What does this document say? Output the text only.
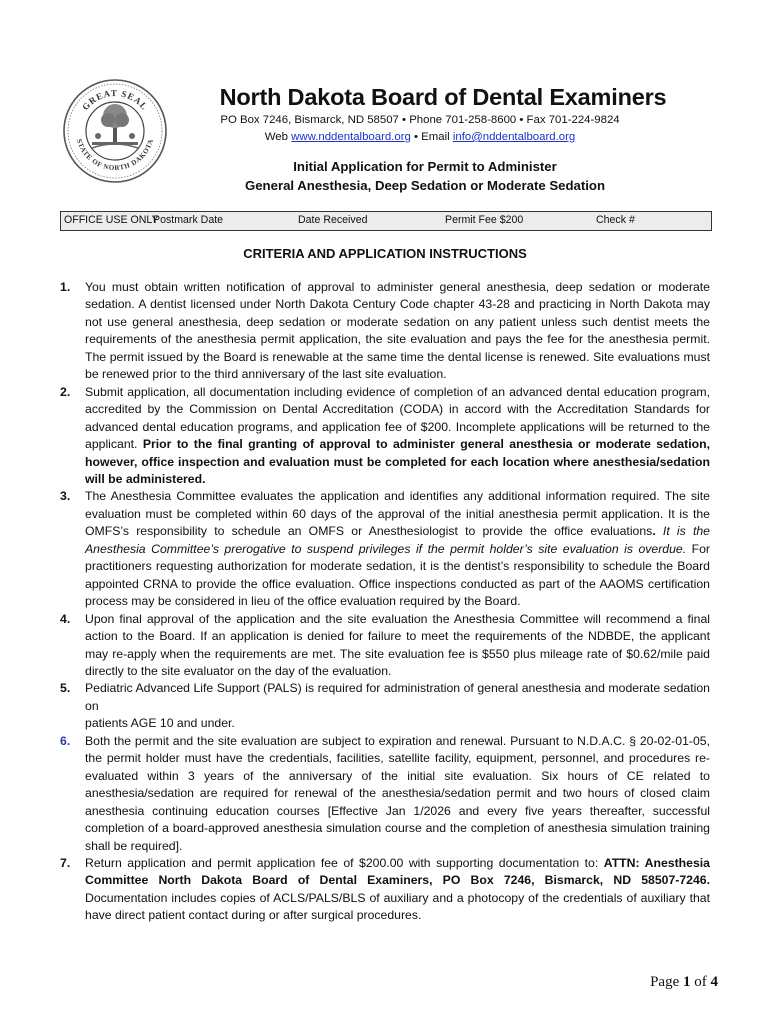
GREAT SEAL
STATE OF NORTH DAKOTA
North Dakota Board of Dental Examiners
PO Box 7246, Bismarck, ND 58507 • Phone 701-258-8600 • Fax 701-224-9824
Web www.nddentalboard.org • Email info@nddentalboard.org
Initial Application for Permit to Administer
General Anesthesia, Deep Sedation or Moderate Sedation
OFFICE USE ONLY
Postmark Date	Date Received	Permit Fee $200	Check #
CRITERIA AND APPLICATION INSTRUCTIONS

1. You must obtain written notification of approval to administer general anesthesia, deep sedation or moderate sedation. A dentist licensed under North Dakota Century Code chapter 43-28 and practicing in North Dakota may not use general anesthesia, deep sedation or moderate sedation on any patient unless such dentist meets the requirements of the anesthesia permit application, the site evaluation and pays the fee for the anesthesia permit. The permit issued by the Board is renewable at the same time the dental license is renewed. Site evaluations must be renewed prior to the third anniversary of the last site evaluation.

2. Submit application, all documentation including evidence of completion of an advanced dental education program, accredited by the Commission on Dental Accreditation (CODA) in accord with the Accreditation Standards for advanced dental education programs, and application fee of $200. Incomplete applications will be returned to the applicant. Prior to the final granting of approval to administer general anesthesia or moderate sedation, however, office inspection and evaluation must be completed for each location where anesthesia/sedation will be administered.

3. The Anesthesia Committee evaluates the application and identifies any additional information required. The site evaluation must be completed within 60 days of the approval of the initial anesthesia permit application. It is the OMFS’s responsibility to schedule an OMFS or Anesthesiologist to provide the office evaluations. It is the Anesthesia Committee’s prerogative to suspend privileges if the permit holder’s site evaluation is overdue. For practitioners requesting authorization for moderate sedation, it is the dentist’s responsibility to schedule the Board appointed CRNA to provide the office evaluation. Office inspections conducted as part of the AAOMS certification process may be considered in lieu of the office evaluation required by the Board.

4. Upon final approval of the application and the site evaluation the Anesthesia Committee will recommend a final action to the Board. If an application is denied for failure to meet the requirements of the NDBDE, the applicant may re-apply when the requirements are met. The site evaluation fee is $550 plus mileage rate of $0.62/mile paid directly to the site evaluator on the day of the evaluation.

5. Pediatric Advanced Life Support (PALS) is required for administration of general anesthesia and moderate sedation on
patients AGE 10 and under.

6. Both the permit and the site evaluation are subject to expiration and renewal. Pursuant to N.D.A.C. § 20-02-01-05, the permit holder must have the credentials, facilities, satellite facility, equipment, personnel, and procedures re-evaluated within 3 years of the anniversary of the initial site evaluation. Six hours of CE related to anesthesia/sedation are required for renewal of the anesthesia/sedation permit and two hours of closed claim anesthesia continuing education courses [Effective Jan 1/2026 and every five years thereafter, successful completion of a board-approved anesthesia simulation course and the completion of anesthesia simulation training shall be required].

7. Return application and permit application fee of $200.00 with supporting documentation to: ATTN: Anesthesia Committee North Dakota Board of Dental Examiners, PO Box 7246, Bismarck, ND 58507-7246. Documentation includes copies of ACLS/PALS/BLS of auxiliary and a photocopy of the credentials of auxiliary that have direct patient contact during or after surgical procedures.

Page 1 of 4
